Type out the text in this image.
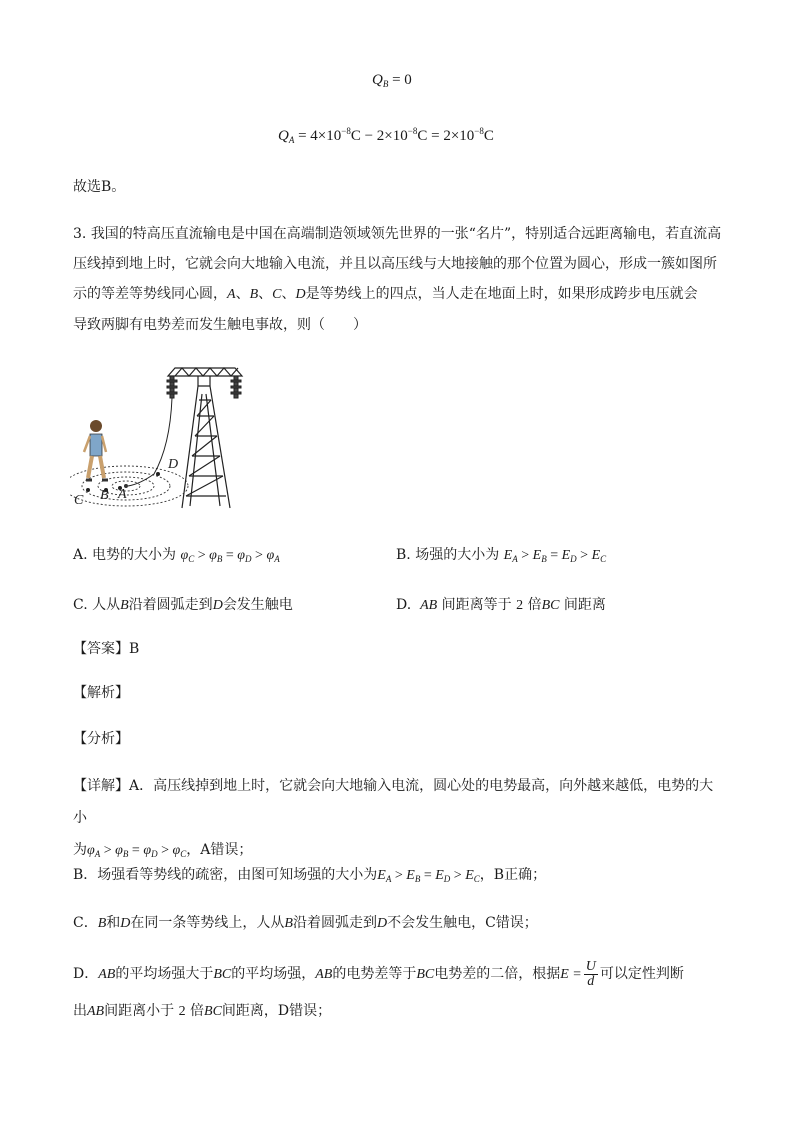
$Q_B = 0$
$Q_A = 4\times 10^{-8}C - 2\times 10^{-8}C = 2\times 10^{-8}C$
故选B。
3. 我国的特高压直流输电是中国在高端制造领域领先世界的一张“名片”，特别适合远距离输电，若直流高
压线掉到地上时，它就会向大地输入电流，并且以高压线与大地接触的那个位置为圆心，形成一簇如图所
示的等差等势线同心圆，A、B、C、D是等势线上的四点，当人走在地面上时，如果形成跨步电压就会
导致两脚有电势差而发生触电事故，则（　　）
C B A
D
A. 电势的大小为 $\varphi_C > \varphi_B = \varphi_D > \varphi_A$	B. 场强的大小为 $E_A > E_B = E_D > E_C$
C. 人从B沿着圆弧走到D会发生触电	D. AB 间距离等于 2 倍BC 间距离
【答案】B
【解析】
【分析】
【详解】A．高压线掉到地上时，它就会向大地输入电流，圆心处的电势最高，向外越来越低，电势的大小
为$\varphi_A > \varphi_B = \varphi_D > \varphi_C$，A错误；
B．场强看等势线的疏密，由图可知场强的大小为$E_A > E_B = E_D > E_C$，B正确；
C．B和D在同一条等势线上，人从B沿着圆弧走到D不会发生触电，C错误；
D．AB的平均场强大于BC的平均场强，AB的电势差等于BC电势差的二倍，根据$E = \frac{U}{d}$ 可以定性判断
出AB间距离小于 2 倍BC间距离，D错误；
